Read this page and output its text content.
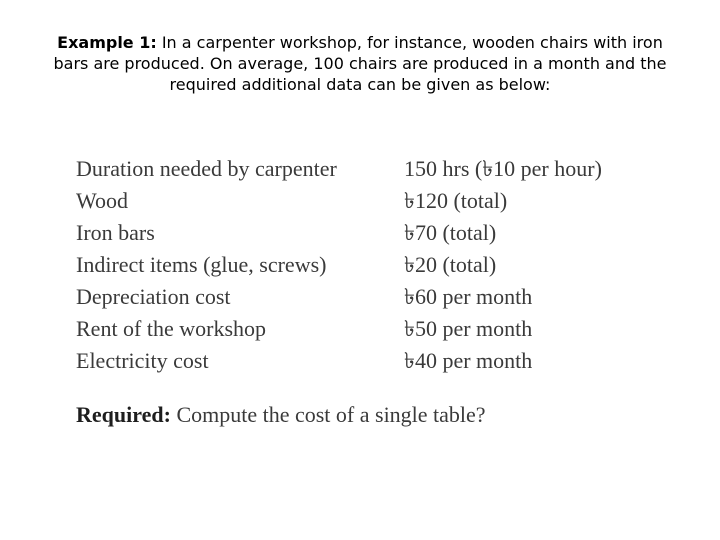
Example 1: In a carpenter workshop, for instance, wooden chairs with iron bars are produced. On average, 100 chairs are produced in a month and the required additional data can be given as below:
Duration needed by carpenter	150 hrs (৳10 per hour)
Wood	৳120 (total)
Iron bars	৳70 (total)
Indirect items (glue, screws)	৳20 (total)
Depreciation cost	৳60 per month
Rent of the workshop	৳50 per month
Electricity cost	৳40 per month
Required: Compute the cost of a single table?
